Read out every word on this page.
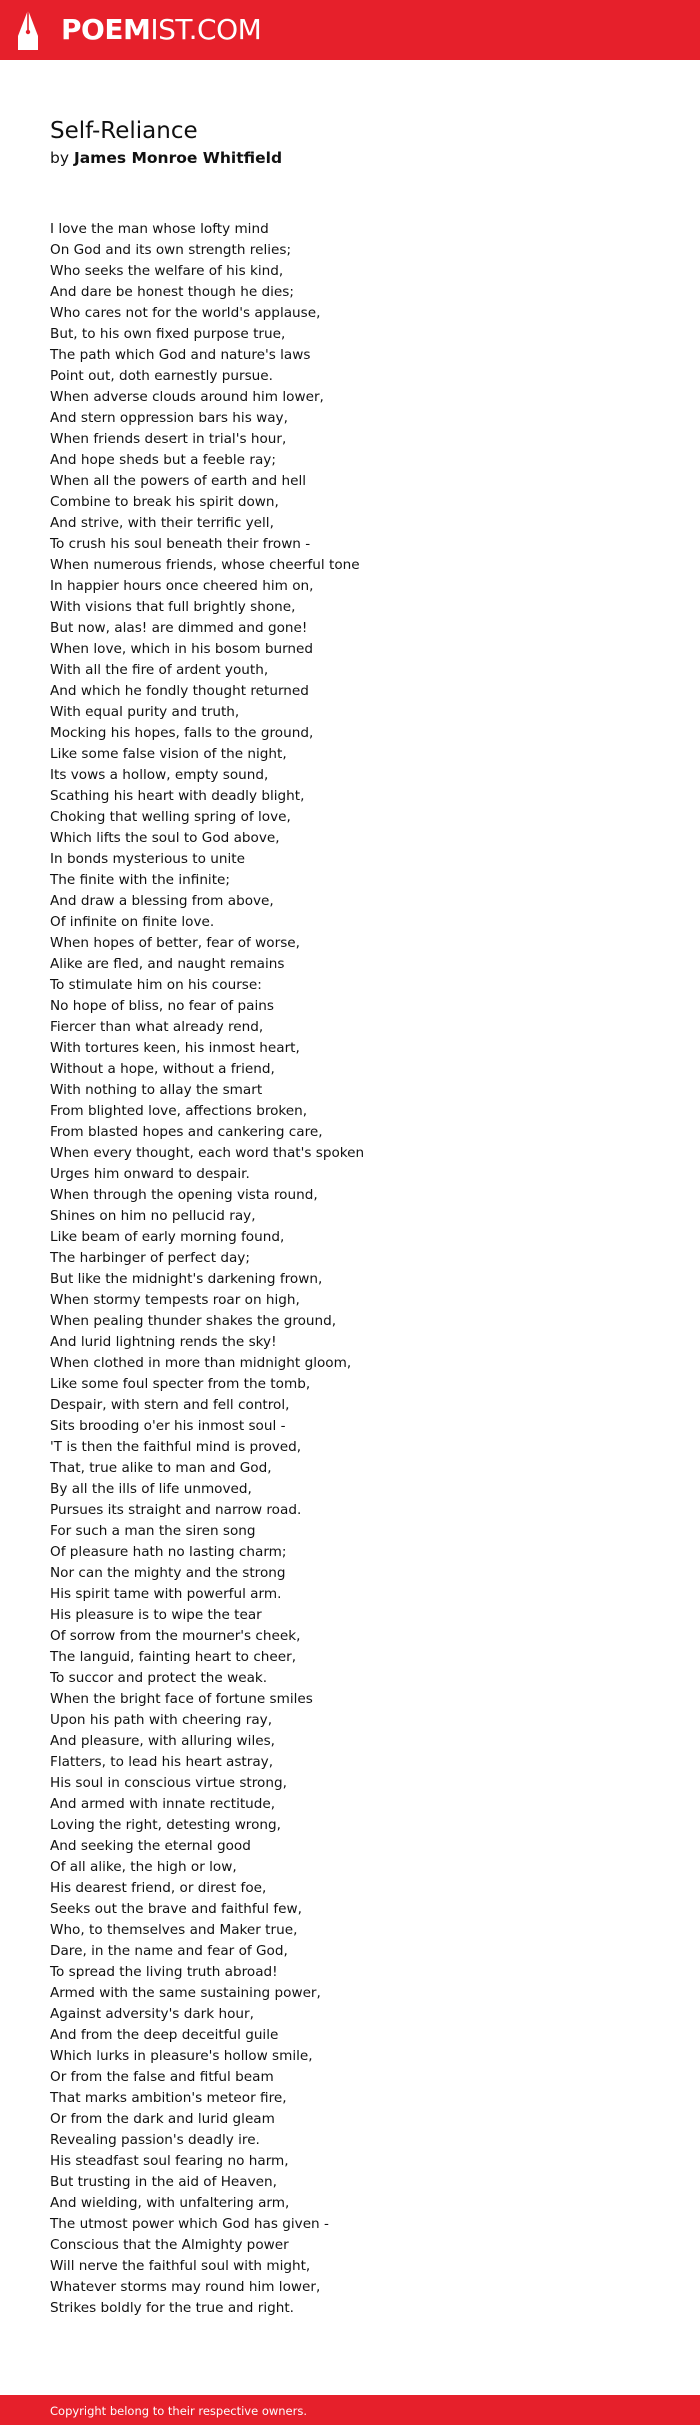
POEMIST.COM
Self-Reliance
by James Monroe Whitfield
I love the man whose lofty mind
On God and its own strength relies;
Who seeks the welfare of his kind,
And dare be honest though he dies;
Who cares not for the world's applause,
But, to his own fixed purpose true,
The path which God and nature's laws
Point out, doth earnestly pursue.
When adverse clouds around him lower,
And stern oppression bars his way,
When friends desert in trial's hour,
And hope sheds but a feeble ray;
When all the powers of earth and hell
Combine to break his spirit down,
And strive, with their terrific yell,
To crush his soul beneath their frown -
When numerous friends, whose cheerful tone
In happier hours once cheered him on,
With visions that full brightly shone,
But now, alas! are dimmed and gone!
When love, which in his bosom burned
With all the fire of ardent youth,
And which he fondly thought returned
With equal purity and truth,
Mocking his hopes, falls to the ground,
Like some false vision of the night,
Its vows a hollow, empty sound,
Scathing his heart with deadly blight,
Choking that welling spring of love,
Which lifts the soul to God above,
In bonds mysterious to unite
The finite with the infinite;
And draw a blessing from above,
Of infinite on finite love.
When hopes of better, fear of worse,
Alike are fled, and naught remains
To stimulate him on his course:
No hope of bliss, no fear of pains
Fiercer than what already rend,
With tortures keen, his inmost heart,
Without a hope, without a friend,
With nothing to allay the smart
From blighted love, affections broken,
From blasted hopes and cankering care,
When every thought, each word that's spoken
Urges him onward to despair.
When through the opening vista round,
Shines on him no pellucid ray,
Like beam of early morning found,
The harbinger of perfect day;
But like the midnight's darkening frown,
When stormy tempests roar on high,
When pealing thunder shakes the ground,
And lurid lightning rends the sky!
When clothed in more than midnight gloom,
Like some foul specter from the tomb,
Despair, with stern and fell control,
Sits brooding o'er his inmost soul -
'T is then the faithful mind is proved,
That, true alike to man and God,
By all the ills of life unmoved,
Pursues its straight and narrow road.
For such a man the siren song
Of pleasure hath no lasting charm;
Nor can the mighty and the strong
His spirit tame with powerful arm.
His pleasure is to wipe the tear
Of sorrow from the mourner's cheek,
The languid, fainting heart to cheer,
To succor and protect the weak.
When the bright face of fortune smiles
Upon his path with cheering ray,
And pleasure, with alluring wiles,
Flatters, to lead his heart astray,
His soul in conscious virtue strong,
And armed with innate rectitude,
Loving the right, detesting wrong,
And seeking the eternal good
Of all alike, the high or low,
His dearest friend, or direst foe,
Seeks out the brave and faithful few,
Who, to themselves and Maker true,
Dare, in the name and fear of God,
To spread the living truth abroad!
Armed with the same sustaining power,
Against adversity's dark hour,
And from the deep deceitful guile
Which lurks in pleasure's hollow smile,
Or from the false and fitful beam
That marks ambition's meteor fire,
Or from the dark and lurid gleam
Revealing passion's deadly ire.
His steadfast soul fearing no harm,
But trusting in the aid of Heaven,
And wielding, with unfaltering arm,
The utmost power which God has given -
Conscious that the Almighty power
Will nerve the faithful soul with might,
Whatever storms may round him lower,
Strikes boldly for the true and right.
Copyright belong to their respective owners.
